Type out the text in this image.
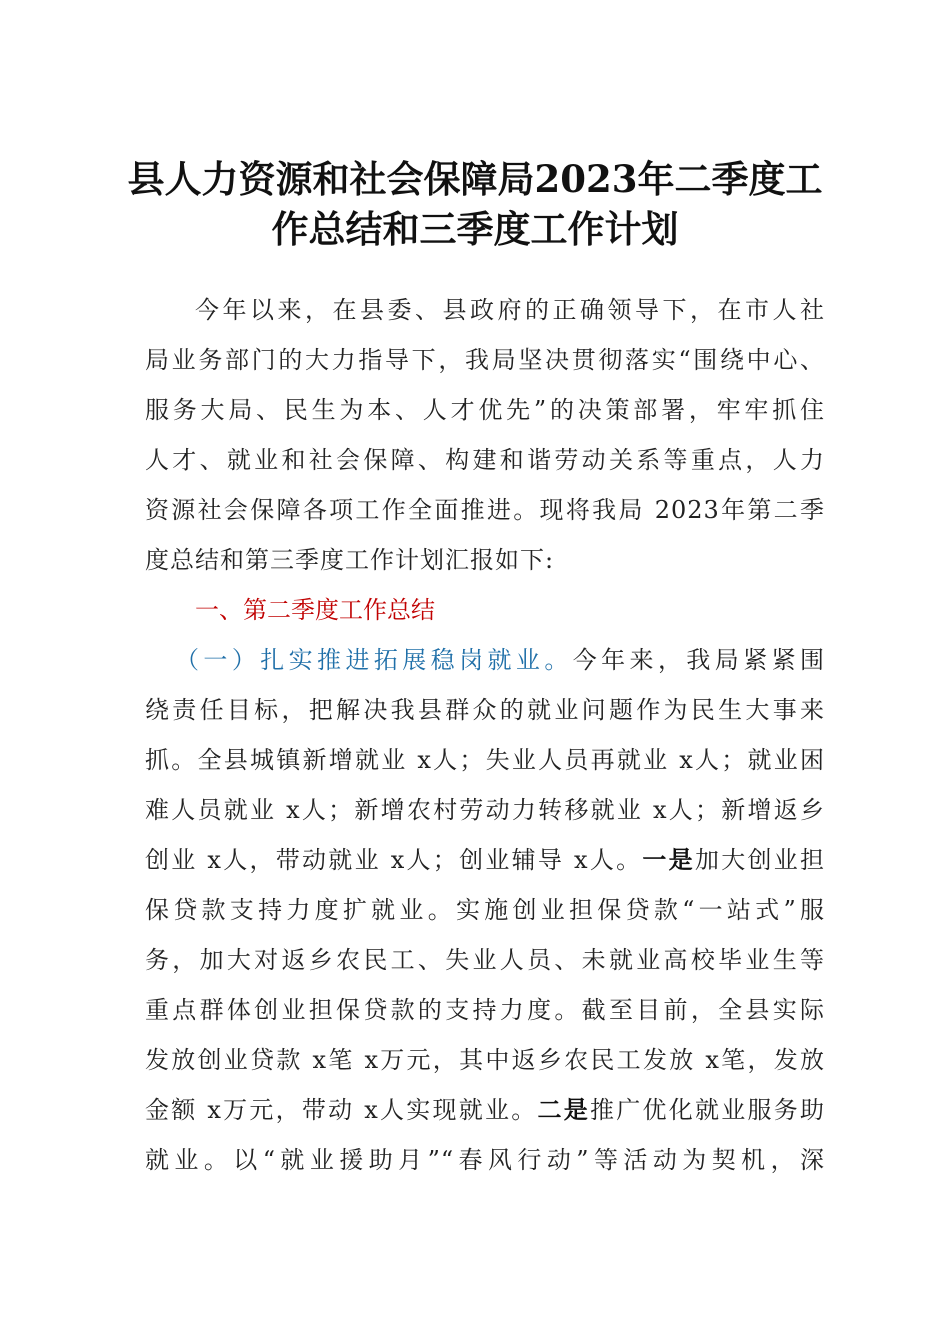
县人力资源和社会保障局2023年二季度工
作总结和三季度工作计划
今年以来，在县委、县政府的正确领导下，在市人社
局业务部门的大力指导下，我局坚决贯彻落实“围绕中心、
服务大局、民生为本、人才优先”的决策部署，牢牢抓住
人才、就业和社会保障、构建和谐劳动关系等重点，人力
资源社会保障各项工作全面推进。现将我局 2023年第二季
度总结和第三季度工作计划汇报如下:
一、第二季度工作总结
（一）扎实推进拓展稳岗就业。今年来，我局紧紧围
绕责任目标，把解决我县群众的就业问题作为民生大事来
抓。全县城镇新增就业 x人；失业人员再就业 x人；就业困
难人员就业 x人；新增农村劳动力转移就业 x人；新增返乡
创业 x人，带动就业 x人；创业辅导 x人。一是加大创业担
保贷款支持力度扩就业。实施创业担保贷款“一站式”服
务，加大对返乡农民工、失业人员、未就业高校毕业生等
重点群体创业担保贷款的支持力度。截至目前，全县实际
发放创业贷款 x笔 x万元，其中返乡农民工发放 x笔，发放
金额 x万元，带动 x人实现就业。二是推广优化就业服务助
就业。以“就业援助月”“春风行动”等活动为契机，深
